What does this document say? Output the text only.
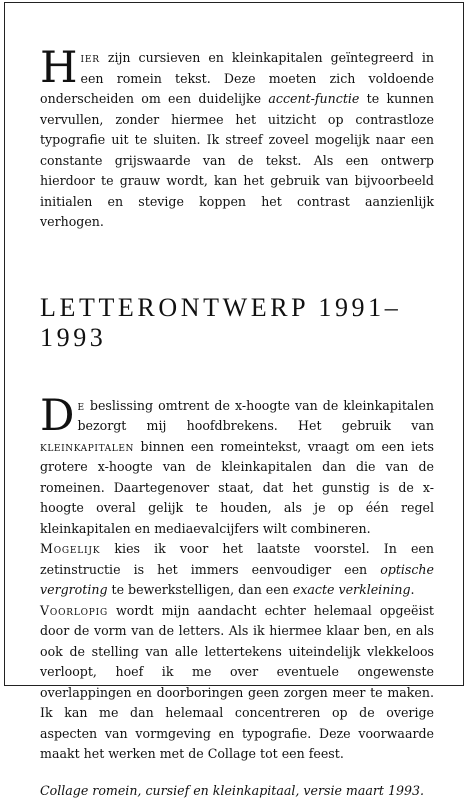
Hier zijn cursieven en kleinkapitalen geïntegreerd in een romein tekst. Deze moeten zich voldoende onderscheiden om een duidelijke accent-functie te kunnen vervullen, zonder hiermee het uitzicht op contrastloze typografie uit te sluiten. Ik streef zoveel mogelijk naar een constante grijswaarde van de tekst. Als een ontwerp hierdoor te grauw wordt, kan het gebruik van bijvoorbeeld initialen en stevige koppen het contrast aanzienlijk verhogen.

LETTERONTWERP 1991–1993

De beslissing omtrent de x-hoogte van de kleinkapitalen bezorgt mij hoofdbrekens. Het gebruik van kleinkapitalen binnen een romeintekst, vraagt om een iets grotere x-hoogte van de kleinkapitalen dan die van de romeinen. Daartegenover staat, dat het gunstig is de x-hoogte overal gelijk te houden, als je op één regel kleinkapitalen en mediaevalcijfers wilt combineren.

Mogelijk kies ik voor het laatste voorstel. In een zetinstructie is het immers eenvoudiger een optische vergroting te bewerkstelligen, dan een exacte verkleining.

Voorlopig wordt mijn aandacht echter helemaal opgeëist door de vorm van de letters. Als ik hiermee klaar ben, en als ook de stelling van alle lettertekens uiteindelijk vlekkeloos verloopt, hoef ik me over eventuele ongewenste overlappingen en doorboringen geen zorgen meer te maken. Ik kan me dan helemaal concentreren op de overige aspecten van vormgeving en typografie. Deze voorwaarde maakt het werken met de Collage tot een feest.

Collage romein, cursief en kleinkapitaal, versie maart 1993.
